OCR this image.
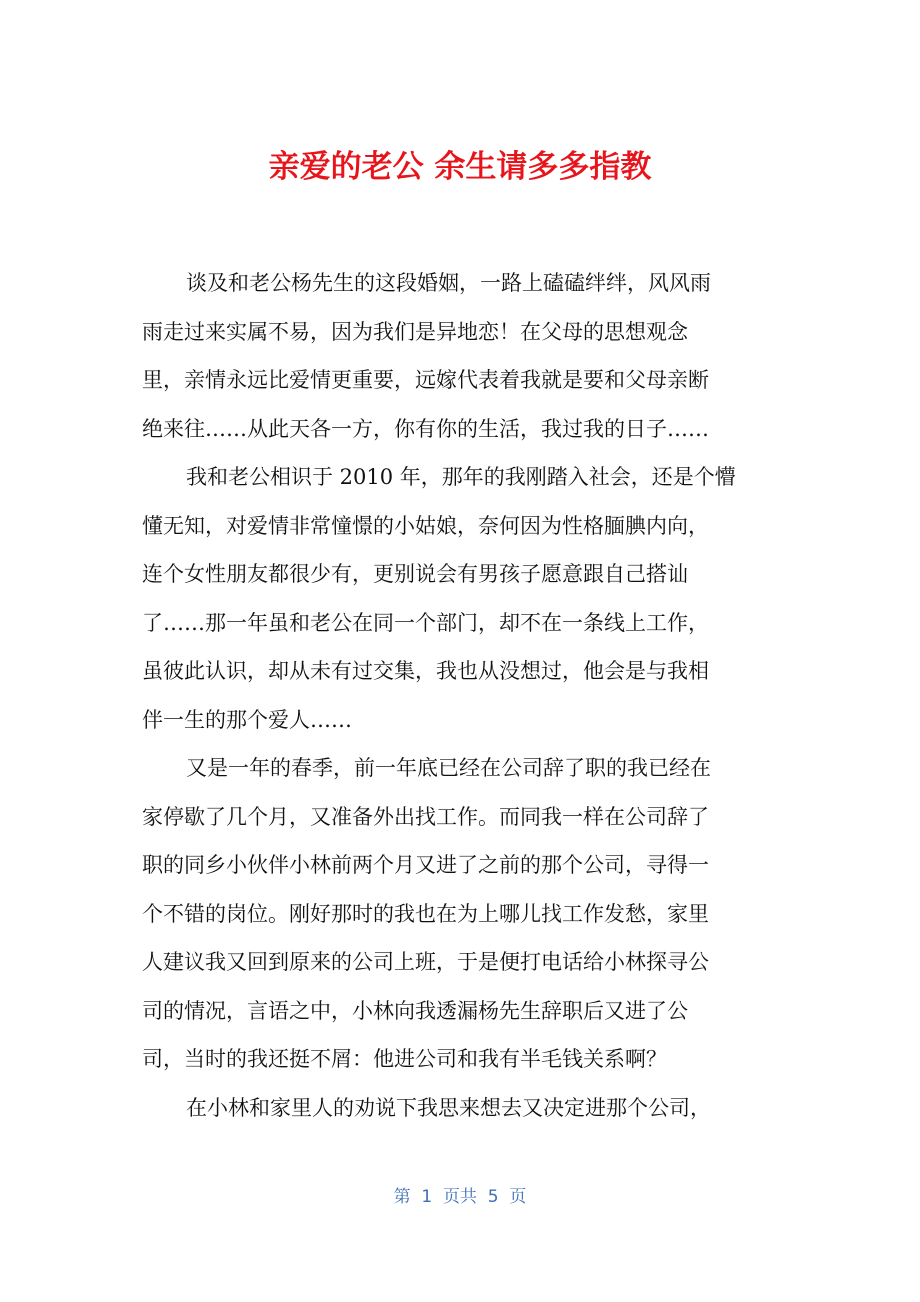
亲爱的老公 余生请多多指教
谈及和老公杨先生的这段婚姻，一路上磕磕绊绊，风风雨
雨走过来实属不易，因为我们是异地恋！在父母的思想观念
里，亲情永远比爱情更重要，远嫁代表着我就是要和父母亲断
绝来往……从此天各一方，你有你的生活，我过我的日子……
我和老公相识于 2010 年，那年的我刚踏入社会，还是个懵
懂无知，对爱情非常憧憬的小姑娘，奈何因为性格腼腆内向，
连个女性朋友都很少有，更别说会有男孩子愿意跟自己搭讪
了……那一年虽和老公在同一个部门，却不在一条线上工作，
虽彼此认识，却从未有过交集，我也从没想过，他会是与我相
伴一生的那个爱人……
又是一年的春季，前一年底已经在公司辞了职的我已经在
家停歇了几个月，又准备外出找工作。而同我一样在公司辞了
职的同乡小伙伴小林前两个月又进了之前的那个公司，寻得一
个不错的岗位。刚好那时的我也在为上哪儿找工作发愁，家里
人建议我又回到原来的公司上班，于是便打电话给小林探寻公
司的情况，言语之中，小林向我透漏杨先生辞职后又进了公
司，当时的我还挺不屑：他进公司和我有半毛钱关系啊？
在小林和家里人的劝说下我思来想去又决定进那个公司，
第  1  页共  5  页
